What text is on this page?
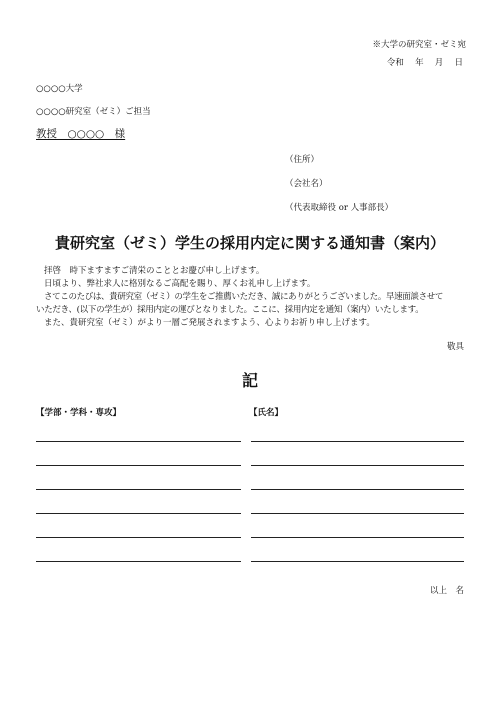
※大学の研究室・ゼミ宛
令和　 年　 月　 日
○○○○大学
○○○○研究室（ゼミ）ご担当
教授　○○○○　様
（住所）
（会社名）
（代表取締役 or 人事部長）
貴研究室（ゼミ）学生の採用内定に関する通知書（案内）
拝啓　時下ますますご清栄のこととお慶び申し上げます。
日頃より、弊社求人に格別なるご高配を賜り、厚くお礼申し上げます。
さてこのたびは、貴研究室（ゼミ）の学生をご推薦いただき、誠にありがとうございました。早速面談させて
いただき、(以下の学生が）採用内定の運びとなりました。ここに、採用内定を通知（案内）いたします。
また、貴研究室（ゼミ）がより一層ご発展されますよう、心よりお祈り申し上げます。
敬具
記
【学部・学科・専攻】	【氏名】
以上　名
